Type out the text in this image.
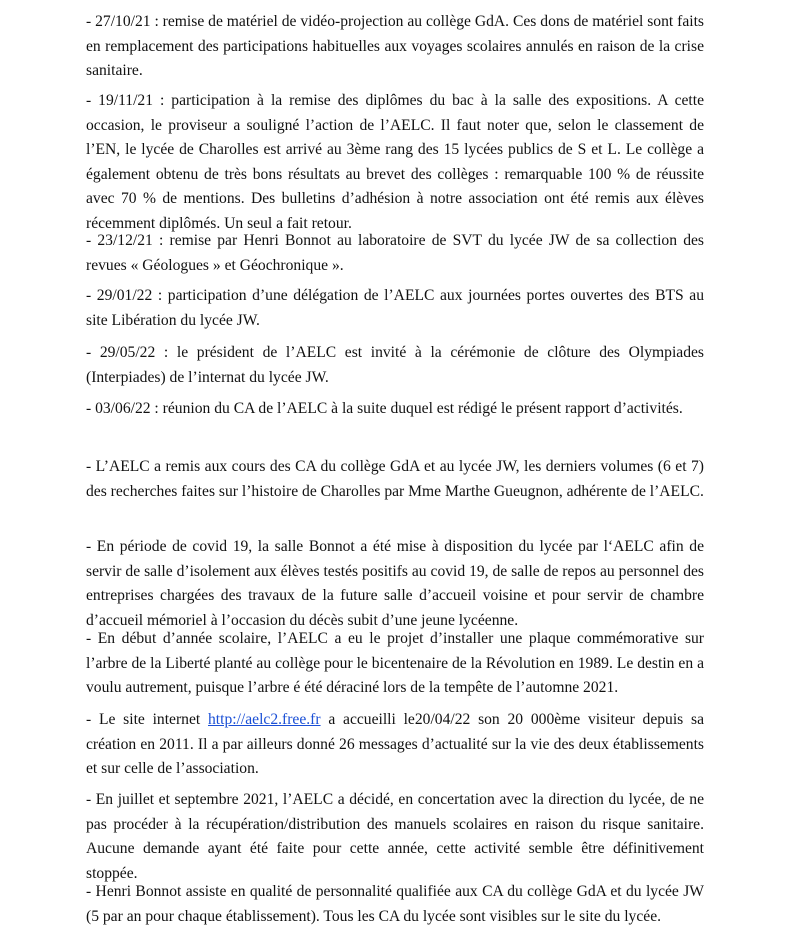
- 27/10/21 : remise de matériel de vidéo-projection au collège GdA. Ces dons de matériel sont faits en remplacement des participations habituelles aux voyages scolaires annulés en raison de la crise sanitaire.

- 19/11/21 : participation à la remise des diplômes du bac à la salle des expositions. A cette occasion, le proviseur a souligné l’action de l’AELC. Il faut noter que, selon le classement de l’EN, le lycée de Charolles est arrivé au 3ème rang des 15 lycées publics de S et L. Le collège a également obtenu de très bons résultats au brevet des collèges : remarquable 100 % de réussite avec 70 % de mentions. Des bulletins d’adhésion à notre association ont été remis aux élèves récemment diplômés. Un seul a fait retour.

- 23/12/21 : remise par Henri Bonnot au laboratoire de SVT du lycée JW de sa collection des revues « Géologues » et Géochronique ».

- 29/01/22 : participation d’une délégation de l’AELC aux journées portes ouvertes des BTS au site Libération du lycée JW.

- 29/05/22 : le président de l’AELC est invité à la cérémonie de clôture des Olympiades (Interpiades) de l’internat du lycée JW.

- 03/06/22 : réunion du CA de l’AELC à la suite duquel est rédigé le présent rapport d’activités.

- L’AELC a remis aux cours des CA du collège GdA et au lycée JW, les derniers volumes (6 et 7) des recherches faites sur l’histoire de Charolles par Mme Marthe Gueugnon, adhérente de l’AELC.

- En période de covid 19, la salle Bonnot a été mise à disposition du lycée par l‘AELC afin de servir de salle d’isolement aux élèves testés positifs au covid 19, de salle de repos au personnel des entreprises chargées des travaux de la future salle d’accueil voisine et pour servir de chambre d’accueil mémoriel à l’occasion du décès subit d’une jeune lycéenne.

- En début d’année scolaire, l’AELC a eu le projet d’installer une plaque commémorative sur l’arbre de la Liberté planté au collège pour le bicentenaire de la Révolution en 1989. Le destin en a voulu autrement, puisque l’arbre é été déraciné lors de la tempête de l’automne 2021.

- Le site internet http://aelc2.free.fr a accueilli le20/04/22 son 20 000ème visiteur depuis sa création en 2011. Il a par ailleurs donné 26 messages d’actualité sur la vie des deux établissements et sur celle de l’association.

- En juillet et septembre 2021, l’AELC a décidé, en concertation avec la direction du lycée, de ne pas procéder à la récupération/distribution des manuels scolaires en raison du risque sanitaire. Aucune demande ayant été faite pour cette année, cette activité semble être définitivement stoppée.

- Henri Bonnot assiste en qualité de personnalité qualifiée aux CA du collège GdA et du lycée JW (5 par an pour chaque établissement). Tous les CA du lycée sont visibles sur le site du lycée.
